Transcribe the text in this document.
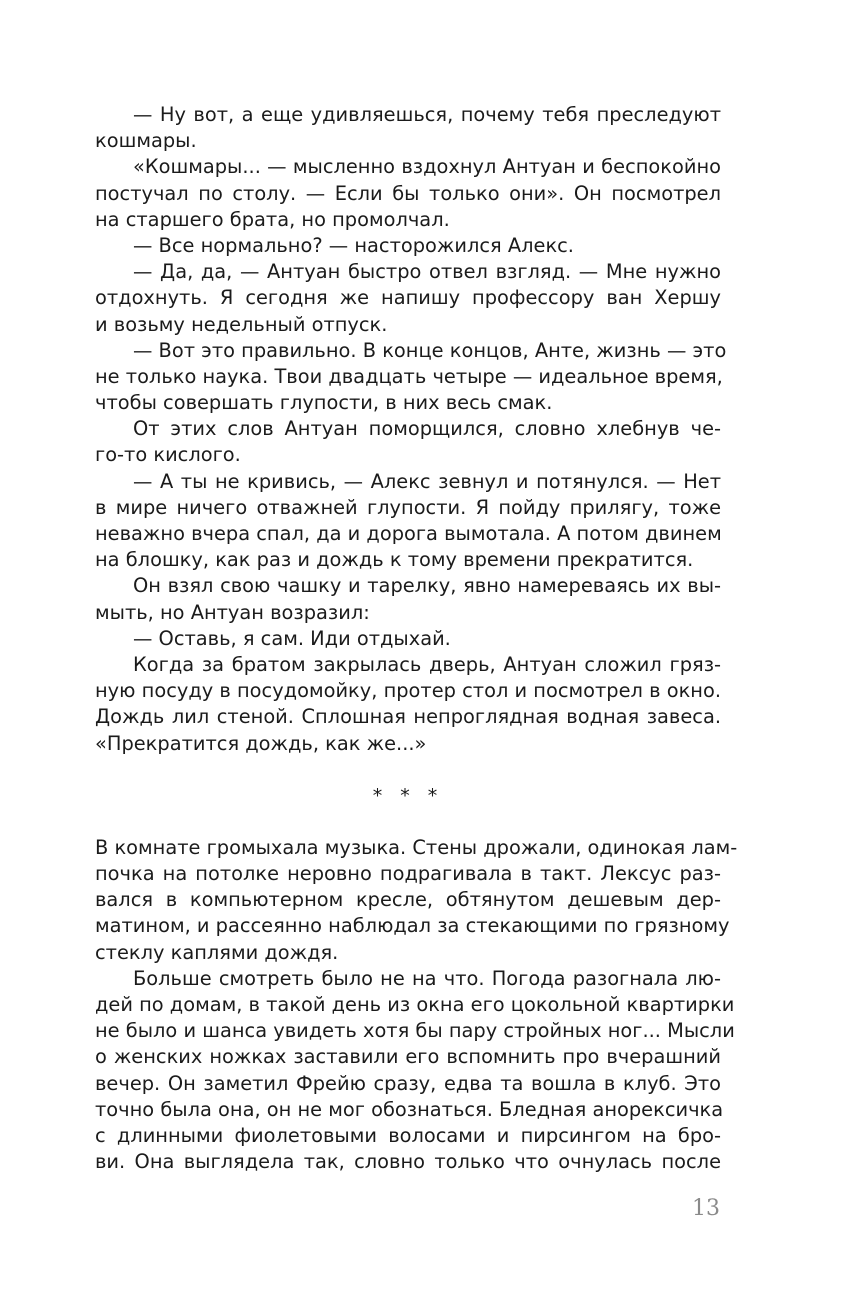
— Ну вот, а еще удивляешься, почему тебя преследуют
кошмары.
«Кошмары... — мысленно вздохнул Антуан и беспокойно
постучал по столу. — Если бы только они». Он посмотрел
на старшего брата, но промолчал.
— Все нормально? — насторожился Алекс.
— Да, да, — Антуан быстро отвел взгляд. — Мне нужно
отдохнуть. Я сегодня же напишу профессору ван Хершу
и возьму недельный отпуск.
— Вот это правильно. В конце концов, Анте, жизнь — это
не только наука. Твои двадцать четыре — идеальное время,
чтобы совершать глупости, в них весь смак.
От этих слов Антуан поморщился, словно хлебнув че-
го-то кислого.
— А ты не кривись, — Алекс зевнул и потянулся. — Нет
в мире ничего отважней глупости. Я пойду прилягу, тоже
неважно вчера спал, да и дорога вымотала. А потом двинем
на блошку, как раз и дождь к тому времени прекратится.
Он взял свою чашку и тарелку, явно намереваясь их вы-
мыть, но Антуан возразил:
— Оставь, я сам. Иди отдыхай.
Когда за братом закрылась дверь, Антуан сложил гряз-
ную посуду в посудомойку, протер стол и посмотрел в окно.
Дождь лил стеной. Сплошная непроглядная водная завеса.
«Прекратится дождь, как же...»
* * *
В комнате громыхала музыка. Стены дрожали, одинокая лам-
почка на потолке неровно подрагивала в такт. Лексус раз-
вался в компьютерном кресле, обтянутом дешевым дер-
матином, и рассеянно наблюдал за стекающими по грязному
стеклу каплями дождя.
Больше смотреть было не на что. Погода разогнала лю-
дей по домам, в такой день из окна его цокольной квартирки
не было и шанса увидеть хотя бы пару стройных ног... Мысли
о женских ножках заставили его вспомнить про вчерашний
вечер. Он заметил Фрейю сразу, едва та вошла в клуб. Это
точно была она, он не мог обознаться. Бледная анорексичка
с длинными фиолетовыми волосами и пирсингом на бро-
ви. Она выглядела так, словно только что очнулась после
13
